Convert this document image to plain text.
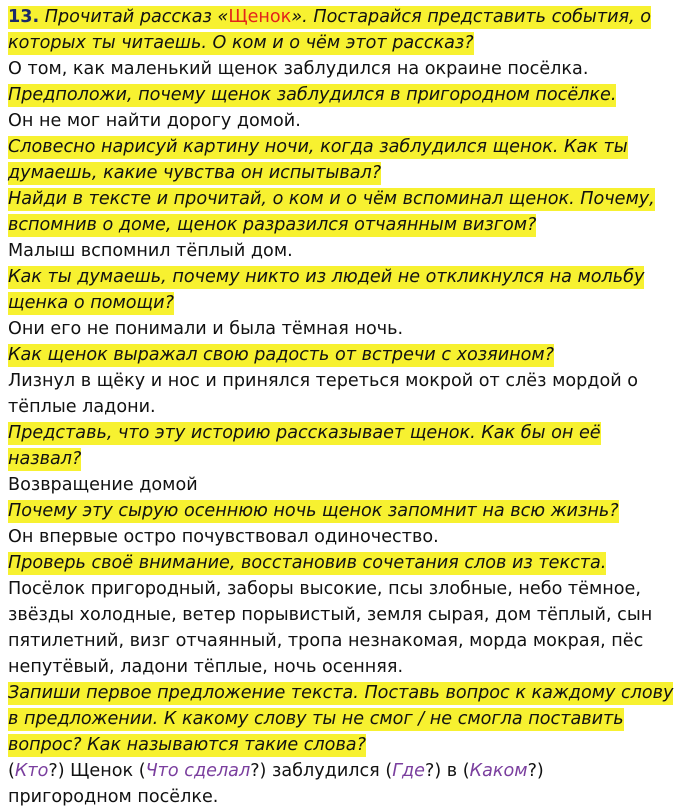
13. Прочитай рассказ «Щенок». Постарайся представить события, о
которых ты читаешь. О ком и о чём этот рассказ?
О том, как маленький щенок заблудился на окраине посёлка.
Предположи, почему щенок заблудился в пригородном посёлке.
Он не мог найти дорогу домой.
Словесно нарисуй картину ночи, когда заблудился щенок. Как ты
думаешь, какие чувства он испытывал?
Найди в тексте и прочитай, о ком и о чём вспоминал щенок. Почему,
вспомнив о доме, щенок разразился отчаянным визгом?
Малыш вспомнил тёплый дом.
Как ты думаешь, почему никто из людей не откликнулся на мольбу
щенка о помощи?
Они его не понимали и была тёмная ночь.
Как щенок выражал свою радость от встречи с хозяином?
Лизнул в щёку и нос и принялся тереться мокрой от слёз мордой о
тёплые ладони.
Представь, что эту историю рассказывает щенок. Как бы он её
назвал?
Возвращение домой
Почему эту сырую осеннюю ночь щенок запомнит на всю жизнь?
Он впервые остро почувствовал одиночество.
Проверь своё внимание, восстановив сочетания слов из текста.
Посёлок пригородный, заборы высокие, псы злобные, небо тёмное,
звёзды холодные, ветер порывистый, земля сырая, дом тёплый, сын
пятилетний, визг отчаянный, тропа незнакомая, морда мокрая, пёс
непутёвый, ладони тёплые, ночь осенняя.
Запиши первое предложение текста. Поставь вопрос к каждому слову
в предложении. К какому слову ты не смог / не смогла поставить
вопрос? Как называются такие слова?
(Кто?) Щенок (Что сделал?) заблудился (Где?) в (Каком?)
пригородном посёлке.
